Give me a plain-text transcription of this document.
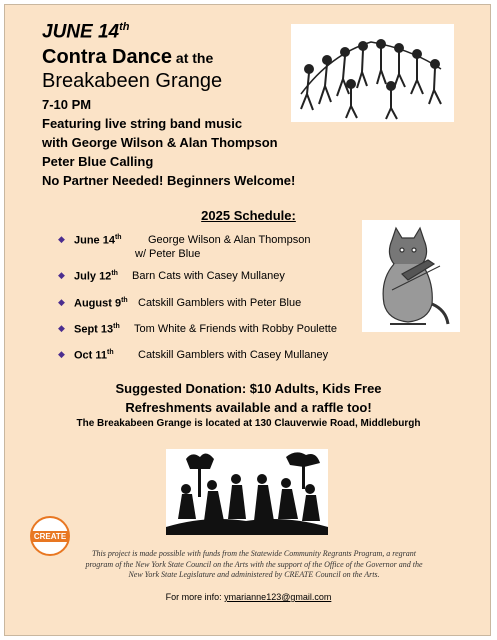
JUNE 14th
Contra Dance at the
Breakabeen Grange
7-10 PM
Featuring live string band music
with George Wilson & Alan Thompson
Peter Blue Calling
No Partner Needed! Beginners Welcome!
2025 Schedule:
◆ June 14th	George Wilson & Alan Thompson
w/ Peter Blue
◆ July 12th	Barn Cats with Casey Mullaney
◆ August 9th Catskill Gamblers with Peter Blue
◆ Sept 13th	Tom White & Friends with Robby Poulette
◆ Oct 11th	Catskill Gamblers with Casey Mullaney
Suggested Donation: $10 Adults, Kids Free
Refreshments available and a raffle too!
The Breakabeen Grange is located at 130 Clauverwie Road, Middleburgh
CREATE
This project is made possible with funds from the Statewide Community Regrants Program, a regrant program of the New York State Council on the Arts with the support of the Office of the Governor and the New York State Legislature and administered by CREATE Council on the Arts.
For more info: ymarianne123@gmail.com
